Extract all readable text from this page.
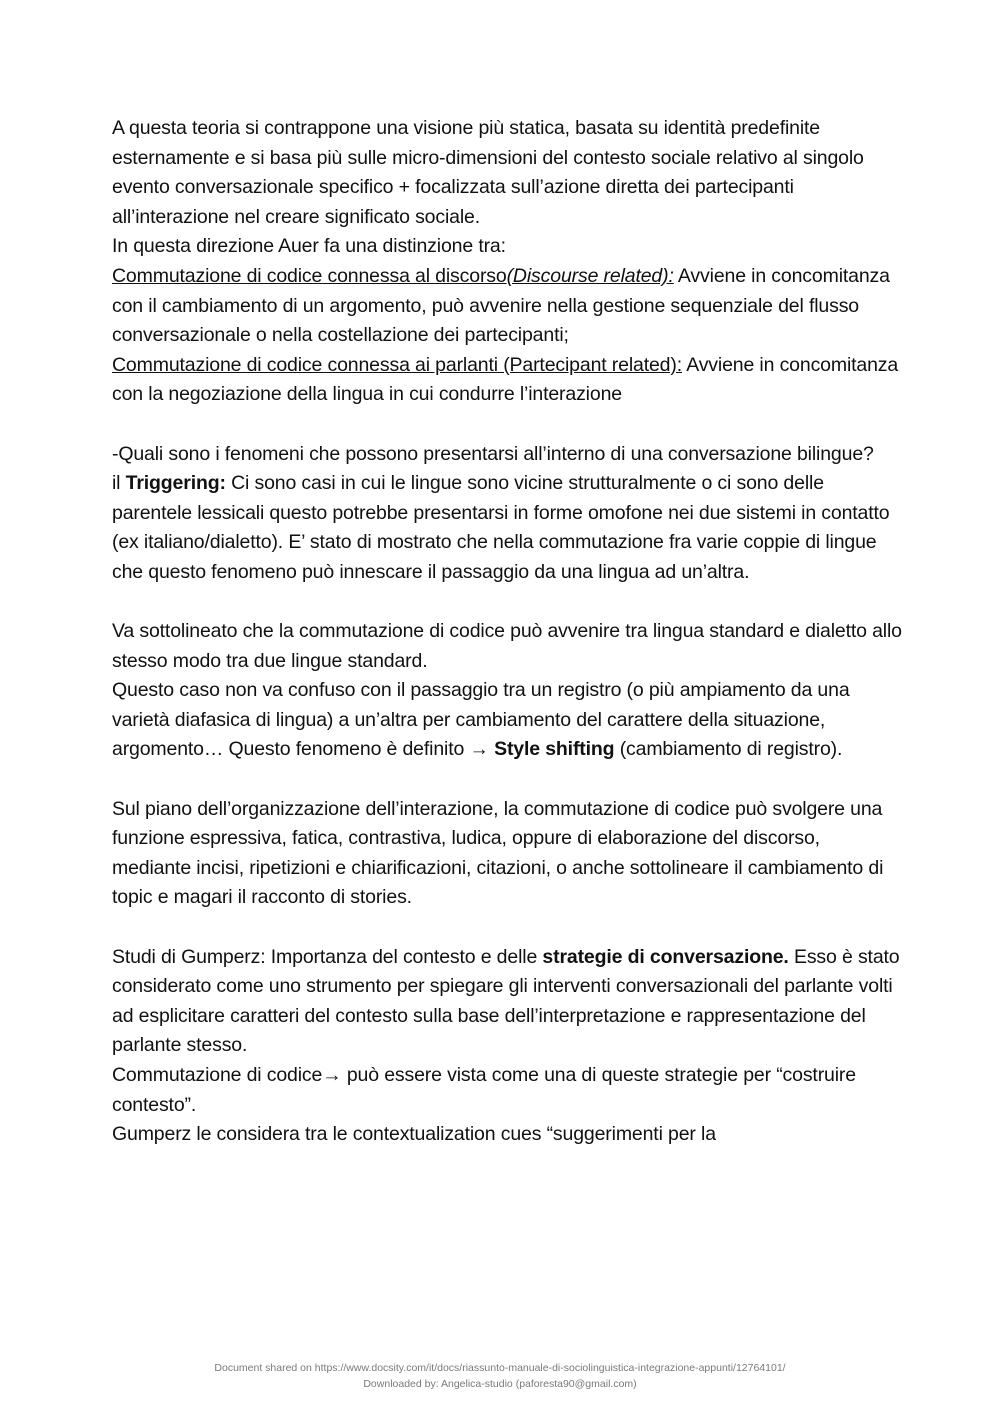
A questa teoria si contrappone una visione più statica, basata su identità predefinite esternamente e si basa più sulle micro-dimensioni del contesto sociale relativo al singolo evento conversazionale specifico + focalizzata sull’azione diretta dei partecipanti all’interazione nel creare significato sociale.

In questa direzione Auer fa una distinzione tra:

Commutazione di codice connessa al discorso(Discourse related): Avviene in concomitanza con il cambiamento di un argomento, può avvenire nella gestione sequenziale del flusso conversazionale o nella costellazione dei partecipanti;

Commutazione di codice connessa ai parlanti (Partecipant related): Avviene in concomitanza con la negoziazione della lingua in cui condurre l’interazione

-Quali sono i fenomeni che possono presentarsi all’interno di una conversazione bilingue?

il Triggering: Ci sono casi in cui le lingue sono vicine strutturalmente o ci sono delle parentele lessicali questo potrebbe presentarsi in forme omofone nei due sistemi in contatto (ex italiano/dialetto). E’ stato di mostrato che nella commutazione fra varie coppie di lingue che questo fenomeno può innescare il passaggio da una lingua ad un’altra.

Va sottolineato che la commutazione di codice può avvenire tra lingua standard e dialetto allo stesso modo tra due lingue standard.

Questo caso non va confuso con il passaggio tra un registro (o più ampiamento da una varietà diafasica di lingua) a un’altra per cambiamento del carattere della situazione, argomento… Questo fenomeno è definito → Style shifting (cambiamento di registro).

Sul piano dell’organizzazione dell’interazione, la commutazione di codice può svolgere una funzione espressiva, fatica, contrastiva, ludica, oppure di elaborazione del discorso, mediante incisi, ripetizioni e chiarificazioni, citazioni, o anche sottolineare il cambiamento di topic e magari il racconto di stories.

Studi di Gumperz: Importanza del contesto e delle strategie di conversazione. Esso è stato considerato come uno strumento per spiegare gli interventi conversazionali del parlante volti ad esplicitare caratteri del contesto sulla base dell’interpretazione e rappresentazione del parlante stesso.

Commutazione di codice→ può essere vista come una di queste strategie per “costruire contesto”.

Gumperz le considera tra le contextualization cues “suggerimenti per la

Document shared on https://www.docsity.com/it/docs/riassunto-manuale-di-sociolinguistica-integrazione-appunti/12764101/

Downloaded by: Angelica-studio (paforesta90@gmail.com)
